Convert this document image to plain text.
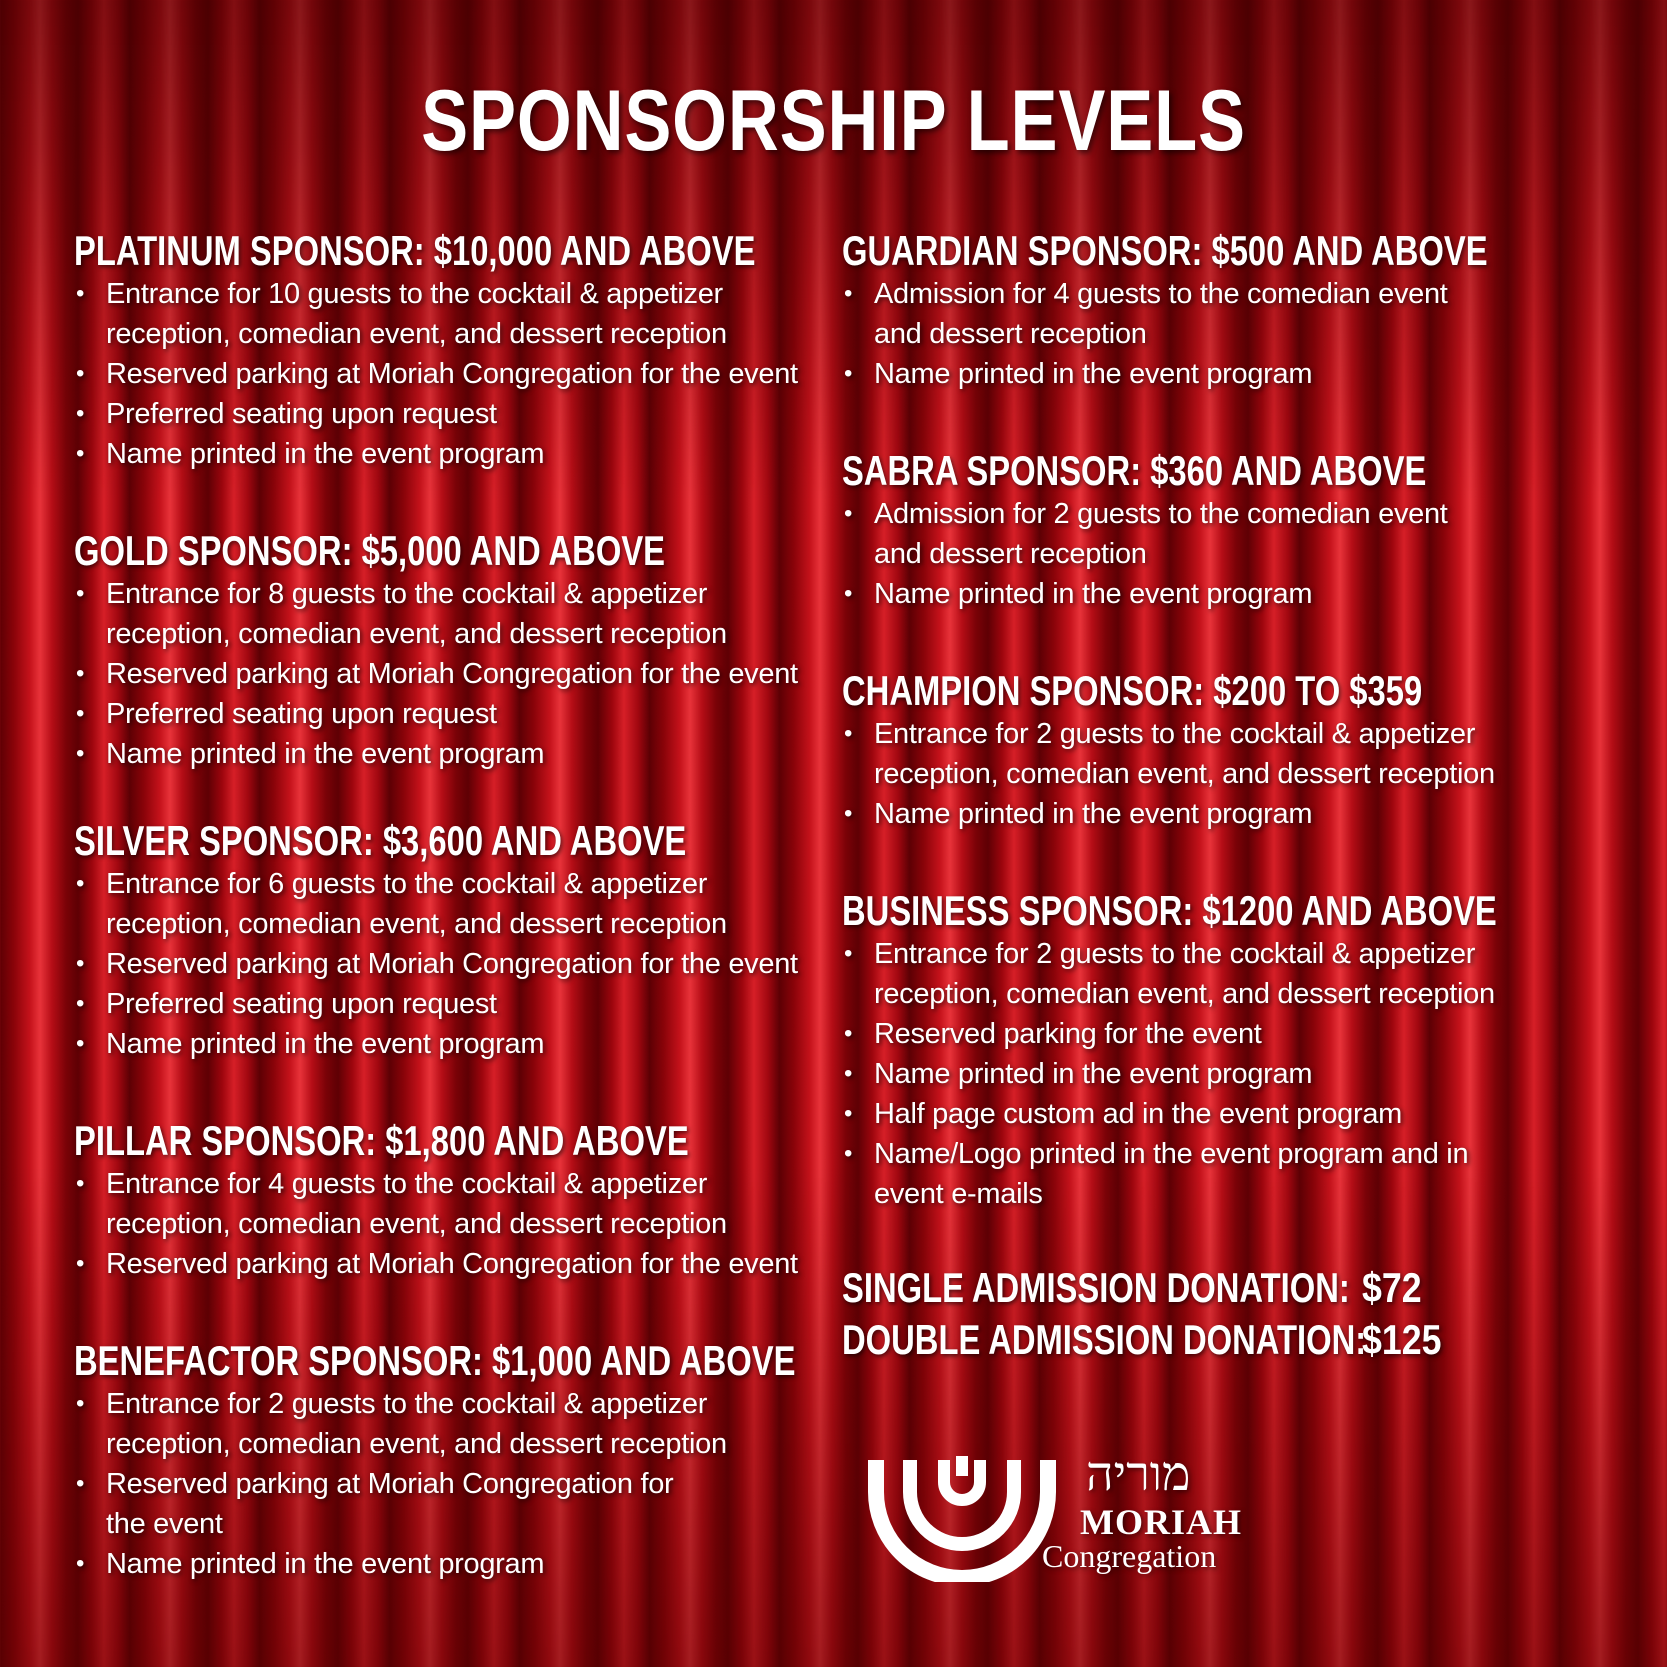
SPONSORSHIP LEVELS
PLATINUM SPONSOR: $10,000 AND ABOVE
• Entrance for 10 guests to the cocktail & appetizer
reception, comedian event, and dessert reception
• Reserved parking at Moriah Congregation for the event
• Preferred seating upon request
• Name printed in the event program
GOLD SPONSOR: $5,000 AND ABOVE
• Entrance for 8 guests to the cocktail & appetizer
reception, comedian event, and dessert reception
• Reserved parking at Moriah Congregation for the event
• Preferred seating upon request
• Name printed in the event program
SILVER SPONSOR: $3,600 AND ABOVE
• Entrance for 6 guests to the cocktail & appetizer
reception, comedian event, and dessert reception
• Reserved parking at Moriah Congregation for the event
• Preferred seating upon request
• Name printed in the event program
PILLAR SPONSOR: $1,800 AND ABOVE
• Entrance for 4 guests to the cocktail & appetizer
reception, comedian event, and dessert reception
• Reserved parking at Moriah Congregation for the event
BENEFACTOR SPONSOR: $1,000 AND ABOVE
• Entrance for 2 guests to the cocktail & appetizer
reception, comedian event, and dessert reception
• Reserved parking at Moriah Congregation for
the event
• Name printed in the event program
GUARDIAN SPONSOR: $500 AND ABOVE
• Admission for 4 guests to the comedian event
and dessert reception
• Name printed in the event program
SABRA SPONSOR: $360 AND ABOVE
• Admission for 2 guests to the comedian event
and dessert reception
• Name printed in the event program
CHAMPION SPONSOR: $200 TO $359
• Entrance for 2 guests to the cocktail & appetizer
reception, comedian event, and dessert reception
• Name printed in the event program
BUSINESS SPONSOR: $1200 AND ABOVE
• Entrance for 2 guests to the cocktail & appetizer
reception, comedian event, and dessert reception
• Reserved parking for the event
• Name printed in the event program
• Half page custom ad in the event program
• Name/Logo printed in the event program and in
event e-mails
SINGLE ADMISSION DONATION: $72
DOUBLE ADMISSION DONATION:
$125
מוריה
MORIAH
Congregation
